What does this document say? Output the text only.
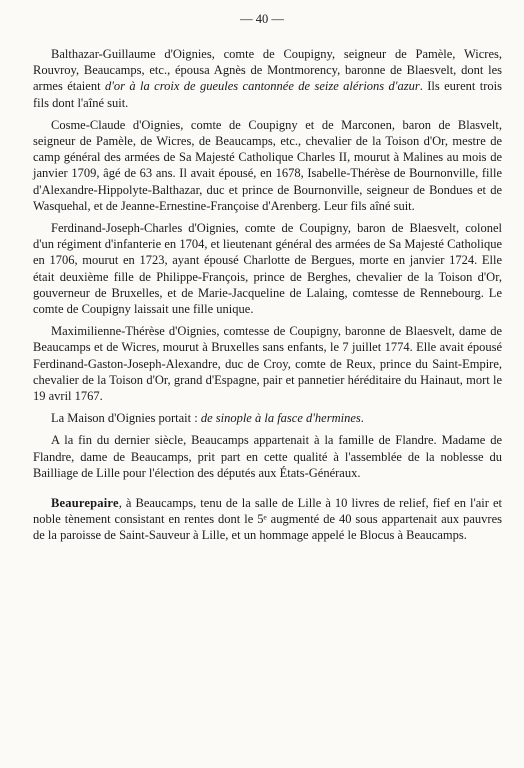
— 40 —

Balthazar-Guillaume d'Oignies, comte de Coupigny, seigneur de Pamèle, Wicres, Rouvroy, Beaucamps, etc., épousa Agnès de Montmorency, baronne de Blaesvelt, dont les armes étaient d'or à la croix de gueules cantonnée de seize alérions d'azur. Ils eurent trois fils dont l'aîné suit.

Cosme-Claude d'Oignies, comte de Coupigny et de Marconen, baron de Blasvelt, seigneur de Pamèle, de Wicres, de Beaucamps, etc., chevalier de la Toison d'Or, mestre de camp général des armées de Sa Majesté Catholique Charles II, mourut à Malines au mois de janvier 1709, âgé de 63 ans. Il avait épousé, en 1678, Isabelle-Thérèse de Bournonville, fille d'Alexandre-Hippolyte-Balthazar, duc et prince de Bournonville, seigneur de Bondues et de Wasquehal, et de Jeanne-Ernestine-Françoise d'Arenberg. Leur fils aîné suit.

Ferdinand-Joseph-Charles d'Oignies, comte de Coupigny, baron de Blaesvelt, colonel d'un régiment d'infanterie en 1704, et lieutenant général des armées de Sa Majesté Catholique en 1706, mourut en 1723, ayant épousé Charlotte de Bergues, morte en janvier 1724. Elle était deuxième fille de Philippe-François, prince de Berghes, chevalier de la Toison d'Or, gouverneur de Bruxelles, et de Marie-Jacqueline de Lalaing, comtesse de Rennebourg. Le comte de Coupigny laissait une fille unique.

Maximilienne-Thérèse d'Oignies, comtesse de Coupigny, baronne de Blaesvelt, dame de Beaucamps et de Wicres, mourut à Bruxelles sans enfants, le 7 juillet 1774. Elle avait épousé Ferdinand-Gaston-Joseph-Alexandre, duc de Croy, comte de Reux, prince du Saint-Empire, chevalier de la Toison d'Or, grand d'Espagne, pair et pannetier héréditaire du Hainaut, mort le 19 avril 1767.

La Maison d'Oignies portait : de sinople à la fasce d'hermines.

A la fin du dernier siècle, Beaucamps appartenait à la famille de Flandre. Madame de Flandre, dame de Beaucamps, prit part en cette qualité à l'assemblée de la noblesse du Bailliage de Lille pour l'élection des députés aux États-Généraux.

Beaurepaire, à Beaucamps, tenu de la salle de Lille à 10 livres de relief, fief en l'air et noble tènement consistant en rentes dont le 5ᵉ augmenté de 40 sous appartenait aux pauvres de la paroisse de Saint-Sauveur à Lille, et un hommage appelé le Blocus à Beaucamps.
